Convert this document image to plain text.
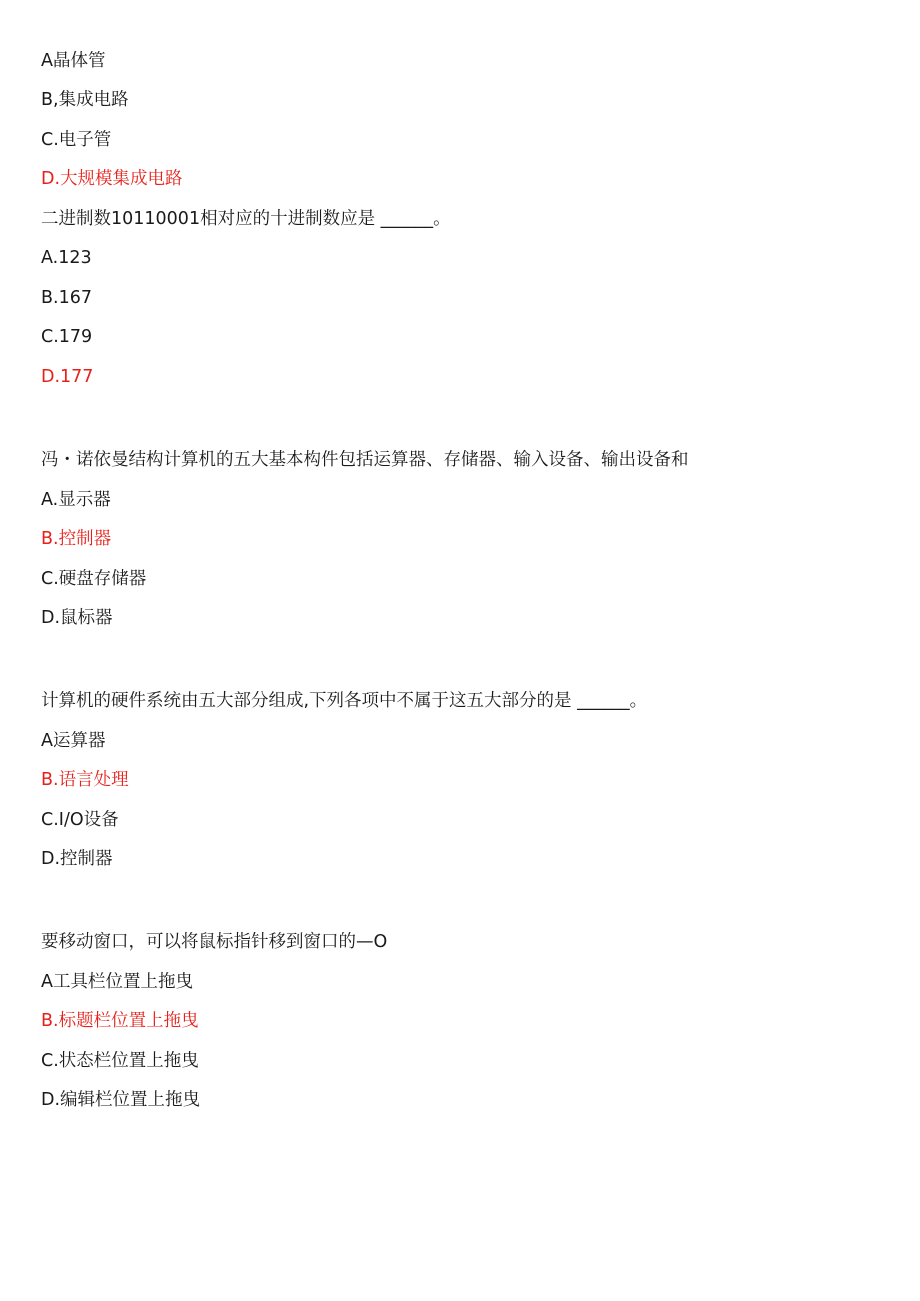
A晶体管
B,集成电路
C.电子管
D.大规模集成电路
二进制数10110001相对应的十进制数应是 ______。
A.123
B.167
C.179
D.177
冯・诺依曼结构计算机的五大基本构件包括运算器、存储器、输入设备、输出设备和
A.显示器
B.控制器
C.硬盘存储器
D.鼠标器
计算机的硬件系统由五大部分组成,下列各项中不属于这五大部分的是 ______。
A运算器
B.语言处理
C.I/O设备
D.控制器
要移动窗口，可以将鼠标指针移到窗口的—O
A工具栏位置上拖曳
B.标题栏位置上拖曳
C.状态栏位置上拖曳
D.编辑栏位置上拖曳
